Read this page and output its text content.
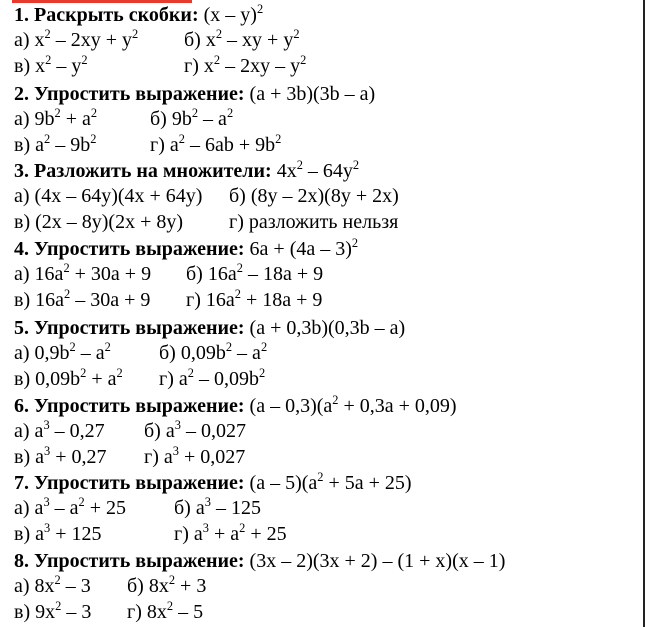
1. Раскрыть скобки: (x – y)$^2$
а) $x^2 - 2xy + y^2$ б) $x^2$ – xy + $y^2$
в) $x^2 - y^2$	г) $x^2 - 2xy - y^2$
2. Упростить выражение: (a + 3b)(3b – a)
а) $9b^2 + a^2$	б) $9b^2 - a^2$
в) $a^2 - 9b^2$	г) $a^2 - 6ab + 9b^2$
3. Разложить на множители: $4x^2 - 64y^2$
а) (4x – 64y)(4x + 64y) б) (8y – 2x)(8y + 2x)
в) (2x – 8y)(2x + 8y) г) разложить нельзя
4. Упростить выражение: 6a + (4a – 3)$^2$
а) $16a^2 + 30a + 9$ б) $16a^2 - 18a + 9$
в) $16a^2 - 30a + 9$ г) $16a^2 + 18a + 9$
5. Упростить выражение: (a + 0,3b)(0,3b – a)
а) $0,9b^2 - a^2$ б) $0,09b^2 - a^2$
в) $0,09b^2 + a^2$ г) $a^2 - 0,09b^2$
6. Упростить выражение: $(a - 0,3)(a^2 + 0,3a + 0,09)$
а) $a^3 - 0,27$ б) $a^3 - 0,027$
в) $a^3 + 0,27$ г) $a^3 + 0,027$
7. Упростить выражение: $(a - 5)(a^2 + 5a + 25)$
а) $a^3 - a^2 + 25$ б) $a^3 - 125$
в) $a^3 + 125$	г) $a^3 + a^2 + 25$
8. Упростить выражение: (3x – 2)(3x + 2) – (1 + x)(x – 1)
а) $8x^2 - 3$ б) $8x^2 + 3$
в) $9x^2 - 3$ г) $8x^2 - 5$
